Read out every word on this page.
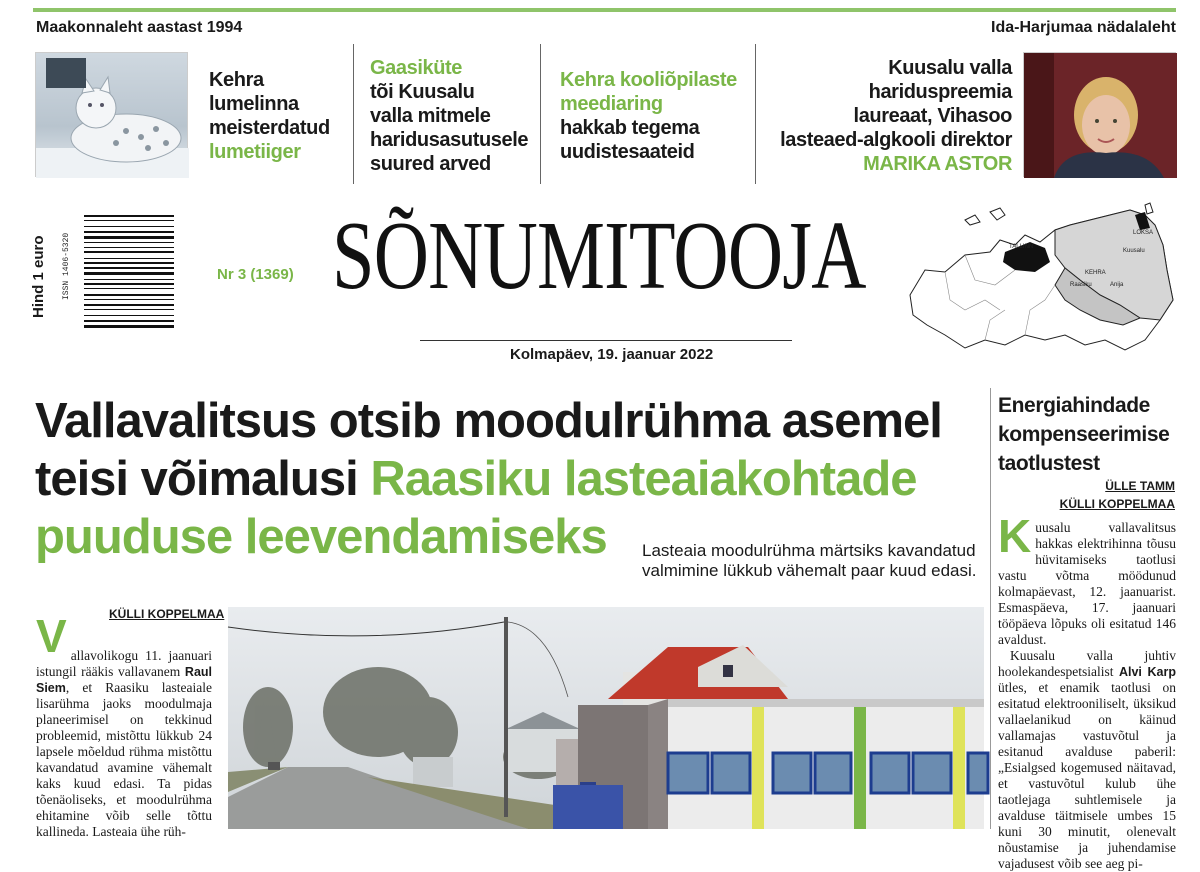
Maakonnaleht aastast 1994	Ida-Harjumaa nädalaleht
Kehra
lumelinna
meisterdatud
lumetiiger
Gaasiküte
tõi Kuusalu
valla mitmele
haridusasutusele
suured arved
Kehra kooliõpilaste
meediaring
hakkab tegema
uudistesaateid
Kuusalu valla
hariduspreemia
laureaat, Vihasoo
lasteaed-algkooli direktor
MARIKA ASTOR
Hind 1 euro ISSN 1406-5320	Nr 3 (1369) SÕNUMITOOJA
Kolmapäev, 19. jaanuar 2022
LOKSA
Kuusalu
TALLINN
KEHRA
Raasiku	Anija
Vallavalitsus otsib moodulrühma asemel teisi võimalusi Raasiku lasteaiakohtade puuduse leevendamiseks	Lasteaia moodulrühma märtsiks kavandatud valmimine lükkub vähemalt paar kuud edasi.
KÜLLI KOPPELMAA
V allavolikogu 11. jaanuari istungil rääkis vallavanem Raul Siem, et Raasiku lasteaiale lisarühma jaoks moodulmaja planeerimisel on tekkinud probleemid, mistõttu lükkub 24 lapsele mõeldud rühma mistõttu kavandatud avamine vähemalt kaks kuud edasi. Ta pidas tõenäoliseks, et moodulrühma ehitamine võib selle tõttu kallineda. Lasteaia ühe rüh-
Energiahindade kompenseerimise taotlustest
ÜLLE TAMM
KÜLLI KOPPELMAA
K uusalu vallavalitsus hakkas elektrihinna tõusu hüvitamiseks taotlusi vastu võtma möödunud kolmapäevast, 12. jaanuarist. Esmaspäeva, 17. jaanuari tööpäeva lõpuks oli esitatud 146 avaldust.

Kuusalu valla juhtiv hoolekandespetsialist Alvi Karp ütles, et enamik taotlusi on esitatud elektrooniliselt, üksikud vallaelanikud on käinud vallamajas vastuvõtul ja esitanud avalduse paberil: „Esialgsed kogemused näitavad, et vastuvõtul kulub ühe taotlejaga suhtlemisele ja avalduse täitmisele umbes 15 kuni 30 minutit, olenevalt nõustamise ja juhendamise vajadusest võib see aeg pi-
